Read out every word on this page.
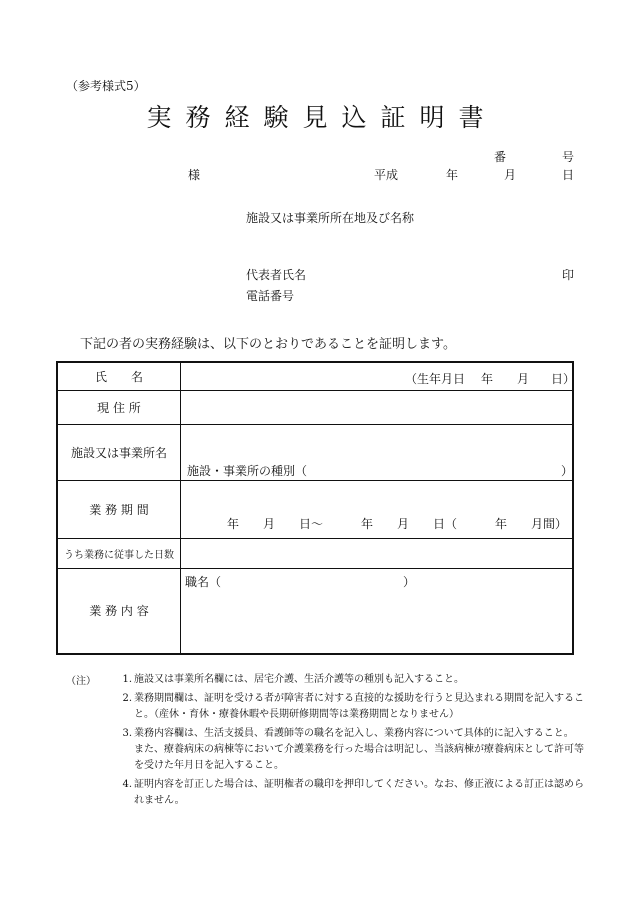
（参考様式5）
実務経験見込証明書
番	号
様	平成	年	月	日
施設又は事業所所在地及び名称
代表者氏名	印
電話番号
下記の者の実務経験は、以下のとおりであることを証明します。
氏　　名	（生年月日 年 月 日）

現 住 所	
施設又は事業所名	施設・事業所の種別（ ）

業 務 期 間	年　　月　　日〜 年　　月　　日（ 年　　月間）

うち業務に従事した日数	
業 務 内 容	職名（ ）
（注）	1. 施設又は事業所名欄には、居宅介護、生活介護等の種別も記入すること。
2. 業務期間欄は、証明を受ける者が障害者に対する直接的な援助を行うと見込まれる期間を記入すること。（産休・育休・療養休暇や長期研修期間等は業務期間となりません）
3. 業務内容欄は、生活支援員、看護師等の職名を記入し、業務内容について具体的に記入すること。
また、療養病床の病棟等において介護業務を行った場合は明記し、当該病棟が療養病床として許可等を受けた年月日を記入すること。
4. 証明内容を訂正した場合は、証明権者の職印を押印してください。なお、修正液による訂正は認められません。
